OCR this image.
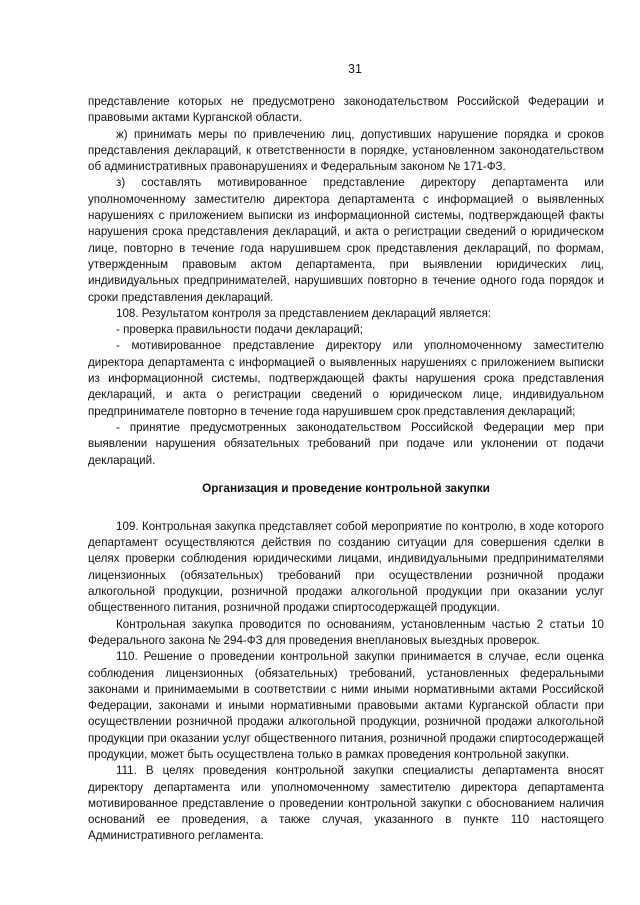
31

представление которых не предусмотрено законодательством Российской Федерации и правовыми актами Курганской области.

ж) принимать меры по привлечению лиц, допустивших нарушение порядка и сроков представления деклараций, к ответственности в порядке, установленном законодательством об административных правонарушениях и Федеральным законом № 171-ФЗ.

з) составлять мотивированное представление директору департамента или уполномоченному заместителю директора департамента с информацией о выявленных нарушениях с приложением выписки из информационной системы, подтверждающей факты нарушения срока представления деклараций, и акта о регистрации сведений о юридическом лице, повторно в течение года нарушившем срок представления деклараций, по формам, утвержденным правовым актом департамента, при выявлении юридических лиц, индивидуальных предпринимателей, нарушивших повторно в течение одного года порядок и сроки представления деклараций.

108. Результатом контроля за представлением деклараций является:

- проверка правильности подачи деклараций;

- мотивированное представление директору или уполномоченному заместителю директора департамента с информацией о выявленных нарушениях с приложением выписки из информационной системы, подтверждающей факты нарушения срока представления деклараций, и акта о регистрации сведений о юридическом лице, индивидуальном предпринимателе повторно в течение года нарушившем срок представления деклараций;

- принятие предусмотренных законодательством Российской Федерации мер при выявлении нарушения обязательных требований при подаче или уклонении от подачи деклараций.

Организация и проведение контрольной закупки

109. Контрольная закупка представляет собой мероприятие по контролю, в ходе которого департамент осуществляются действия по созданию ситуации для совершения сделки в целях проверки соблюдения юридическими лицами, индивидуальными предпринимателями лицензионных (обязательных) требований при осуществлении розничной продажи алкогольной продукции, розничной продажи алкогольной продукции при оказании услуг общественного питания, розничной продажи спиртосодержащей продукции.

Контрольная закупка проводится по основаниям, установленным частью 2 статьи 10 Федерального закона № 294-ФЗ для проведения внеплановых выездных проверок.

110. Решение о проведении контрольной закупки принимается в случае, если оценка соблюдения лицензионных (обязательных) требований, установленных федеральными законами и принимаемыми в соответствии с ними иными нормативными актами Российской Федерации, законами и иными нормативными правовыми актами Курганской области при осуществлении розничной продажи алкогольной продукции, розничной продажи алкогольной продукции при оказании услуг общественного питания, розничной продажи спиртосодержащей продукции, может быть осуществлена только в рамках проведения контрольной закупки.

111. В целях проведения контрольной закупки специалисты департамента вносят директору департамента или уполномоченному заместителю директора департамента мотивированное представление о проведении контрольной закупки с обоснованием наличия оснований ее проведения, а также случая, указанного в пункте 110 настоящего Административного регламента.
